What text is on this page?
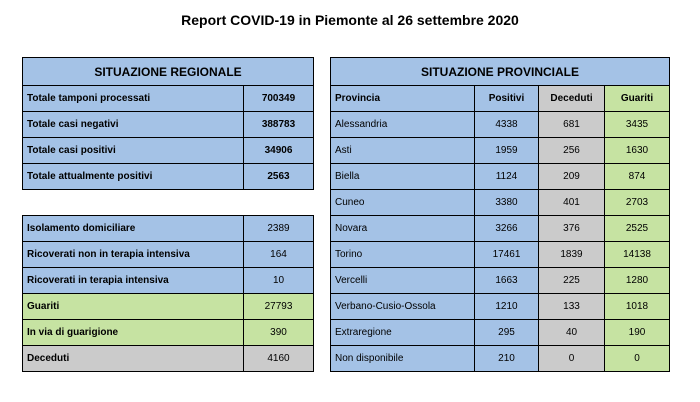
Report COVID-19 in Piemonte al 26 settembre 2020
SITUAZIONE REGIONALE	
Totale tamponi processati	700349
Totale casi negativi	388783
Totale casi positivi	34906
Totale attualmente positivi	2563
Isolamento domiciliare	2389
Ricoverati non in terapia intensiva	164
Ricoverati in terapia intensiva	10
Guariti	27793
In via di guarigione	390
Deceduti	4160
SITUAZIONE PROVINCIALE			
Provincia	Positivi	Deceduti	Guariti
Alessandria	4338	681	3435
Asti	1959	256	1630
Biella	1124	209	874
Cuneo	3380	401	2703
Novara	3266	376	2525
Torino	17461	1839	14138
Vercelli	1663	225	1280
Verbano-Cusio-Ossola	1210	133	1018
Extraregione	295	40	190
Non disponibile	210	0	0
